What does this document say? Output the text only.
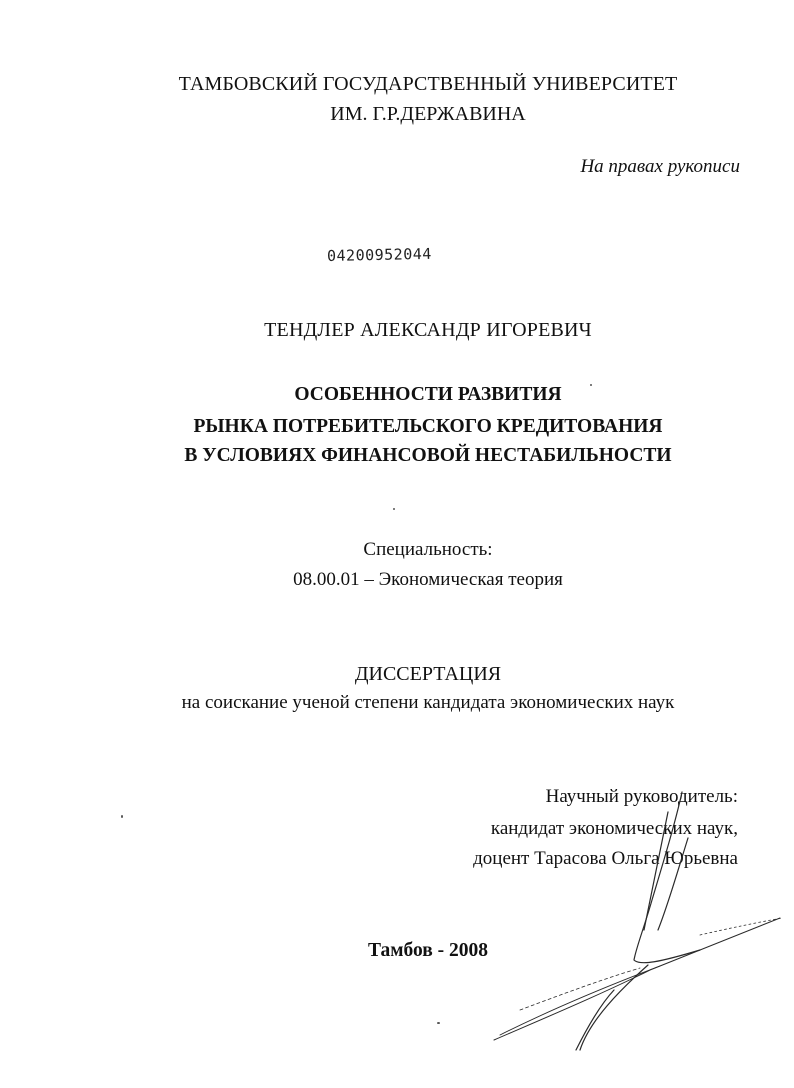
ТАМБОВСКИЙ ГОСУДАРСТВЕННЫЙ УНИВЕРСИТЕТ
ИМ. Г.Р.ДЕРЖАВИНА
На правах рукописи
04200952044
ТЕНДЛЕР АЛЕКСАНДР ИГОРЕВИЧ
ОСОБЕННОСТИ РАЗВИТИЯ
РЫНКА ПОТРЕБИТЕЛЬСКОГО КРЕДИТОВАНИЯ
В УСЛОВИЯХ ФИНАНСОВОЙ НЕСТАБИЛЬНОСТИ
Специальность:
08.00.01 – Экономическая теория
ДИССЕРТАЦИЯ
на соискание ученой степени кандидата экономических наук
Научный руководитель:
кандидат экономических наук,
доцент Тарасова Ольга Юрьевна
Тамбов - 2008
